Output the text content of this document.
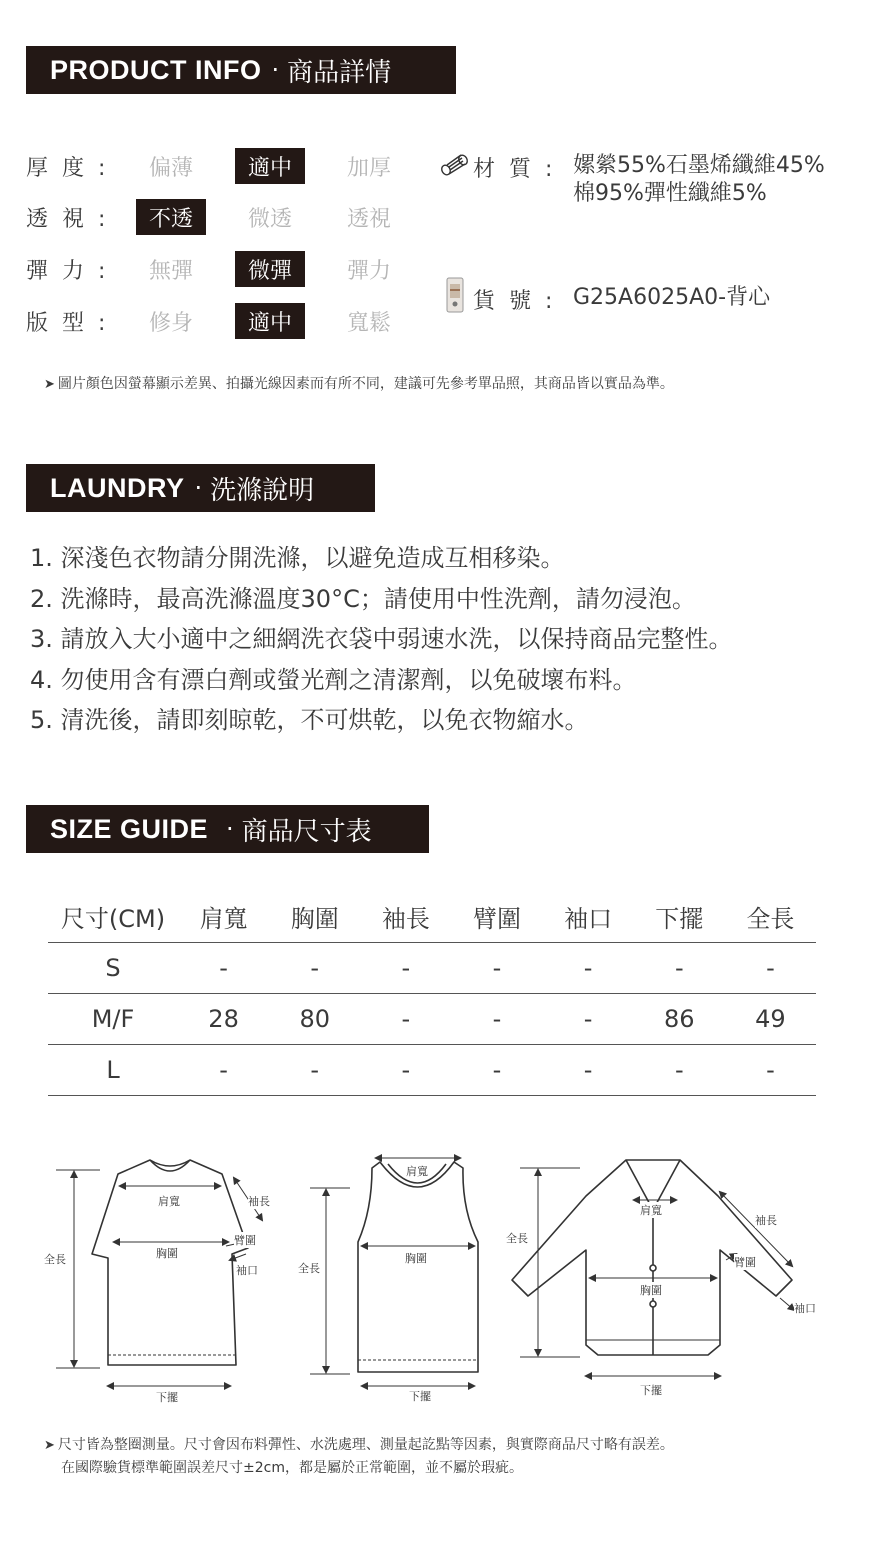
PRODUCT INFO · 商品詳情
厚度:	偏薄	適中	加厚
透視:	不透	微透	透視
彈力:	無彈	微彈	彈力
版型:	修身	適中	寬鬆
材質: 嫘縈55%石墨烯纖維45%
棉95%彈性纖維5%
貨號: G25A6025A0-背心
➤ 圖片顏色因螢幕顯示差異、拍攝光線因素而有所不同，建議可先參考單品照，其商品皆以實品為準。
LAUNDRY · 洗滌說明
1. 深淺色衣物請分開洗滌，以避免造成互相移染。
2. 洗滌時，最高洗滌溫度30°C；請使用中性洗劑，請勿浸泡。
3. 請放入大小適中之細網洗衣袋中弱速水洗，以保持商品完整性。
4. 勿使用含有漂白劑或螢光劑之清潔劑，以免破壞布料。
5. 清洗後，請即刻晾乾，不可烘乾，以免衣物縮水。
SIZE GUIDE · 商品尺寸表
尺寸(CM)	肩寬	胸圍	袖長	臂圍	袖口	下擺	全長
S	-	-	-	-	-	-	-
M/F	28	80	-	-	-	86	49
L	-	-	-	-	-	-	-
肩寬	袖長
臂圍
胸圍
袖口
全長
下擺
肩寬
胸圍
全長
下擺
肩寬
袖長
全長
臂圍
胸圍
袖口
下擺
➤ 尺寸皆為整圈測量。尺寸會因布料彈性、水洗處理、測量起訖點等因素，與實際商品尺寸略有誤差。
在國際驗貨標準範圍誤差尺寸±2cm，都是屬於正常範圍，並不屬於瑕疵。
